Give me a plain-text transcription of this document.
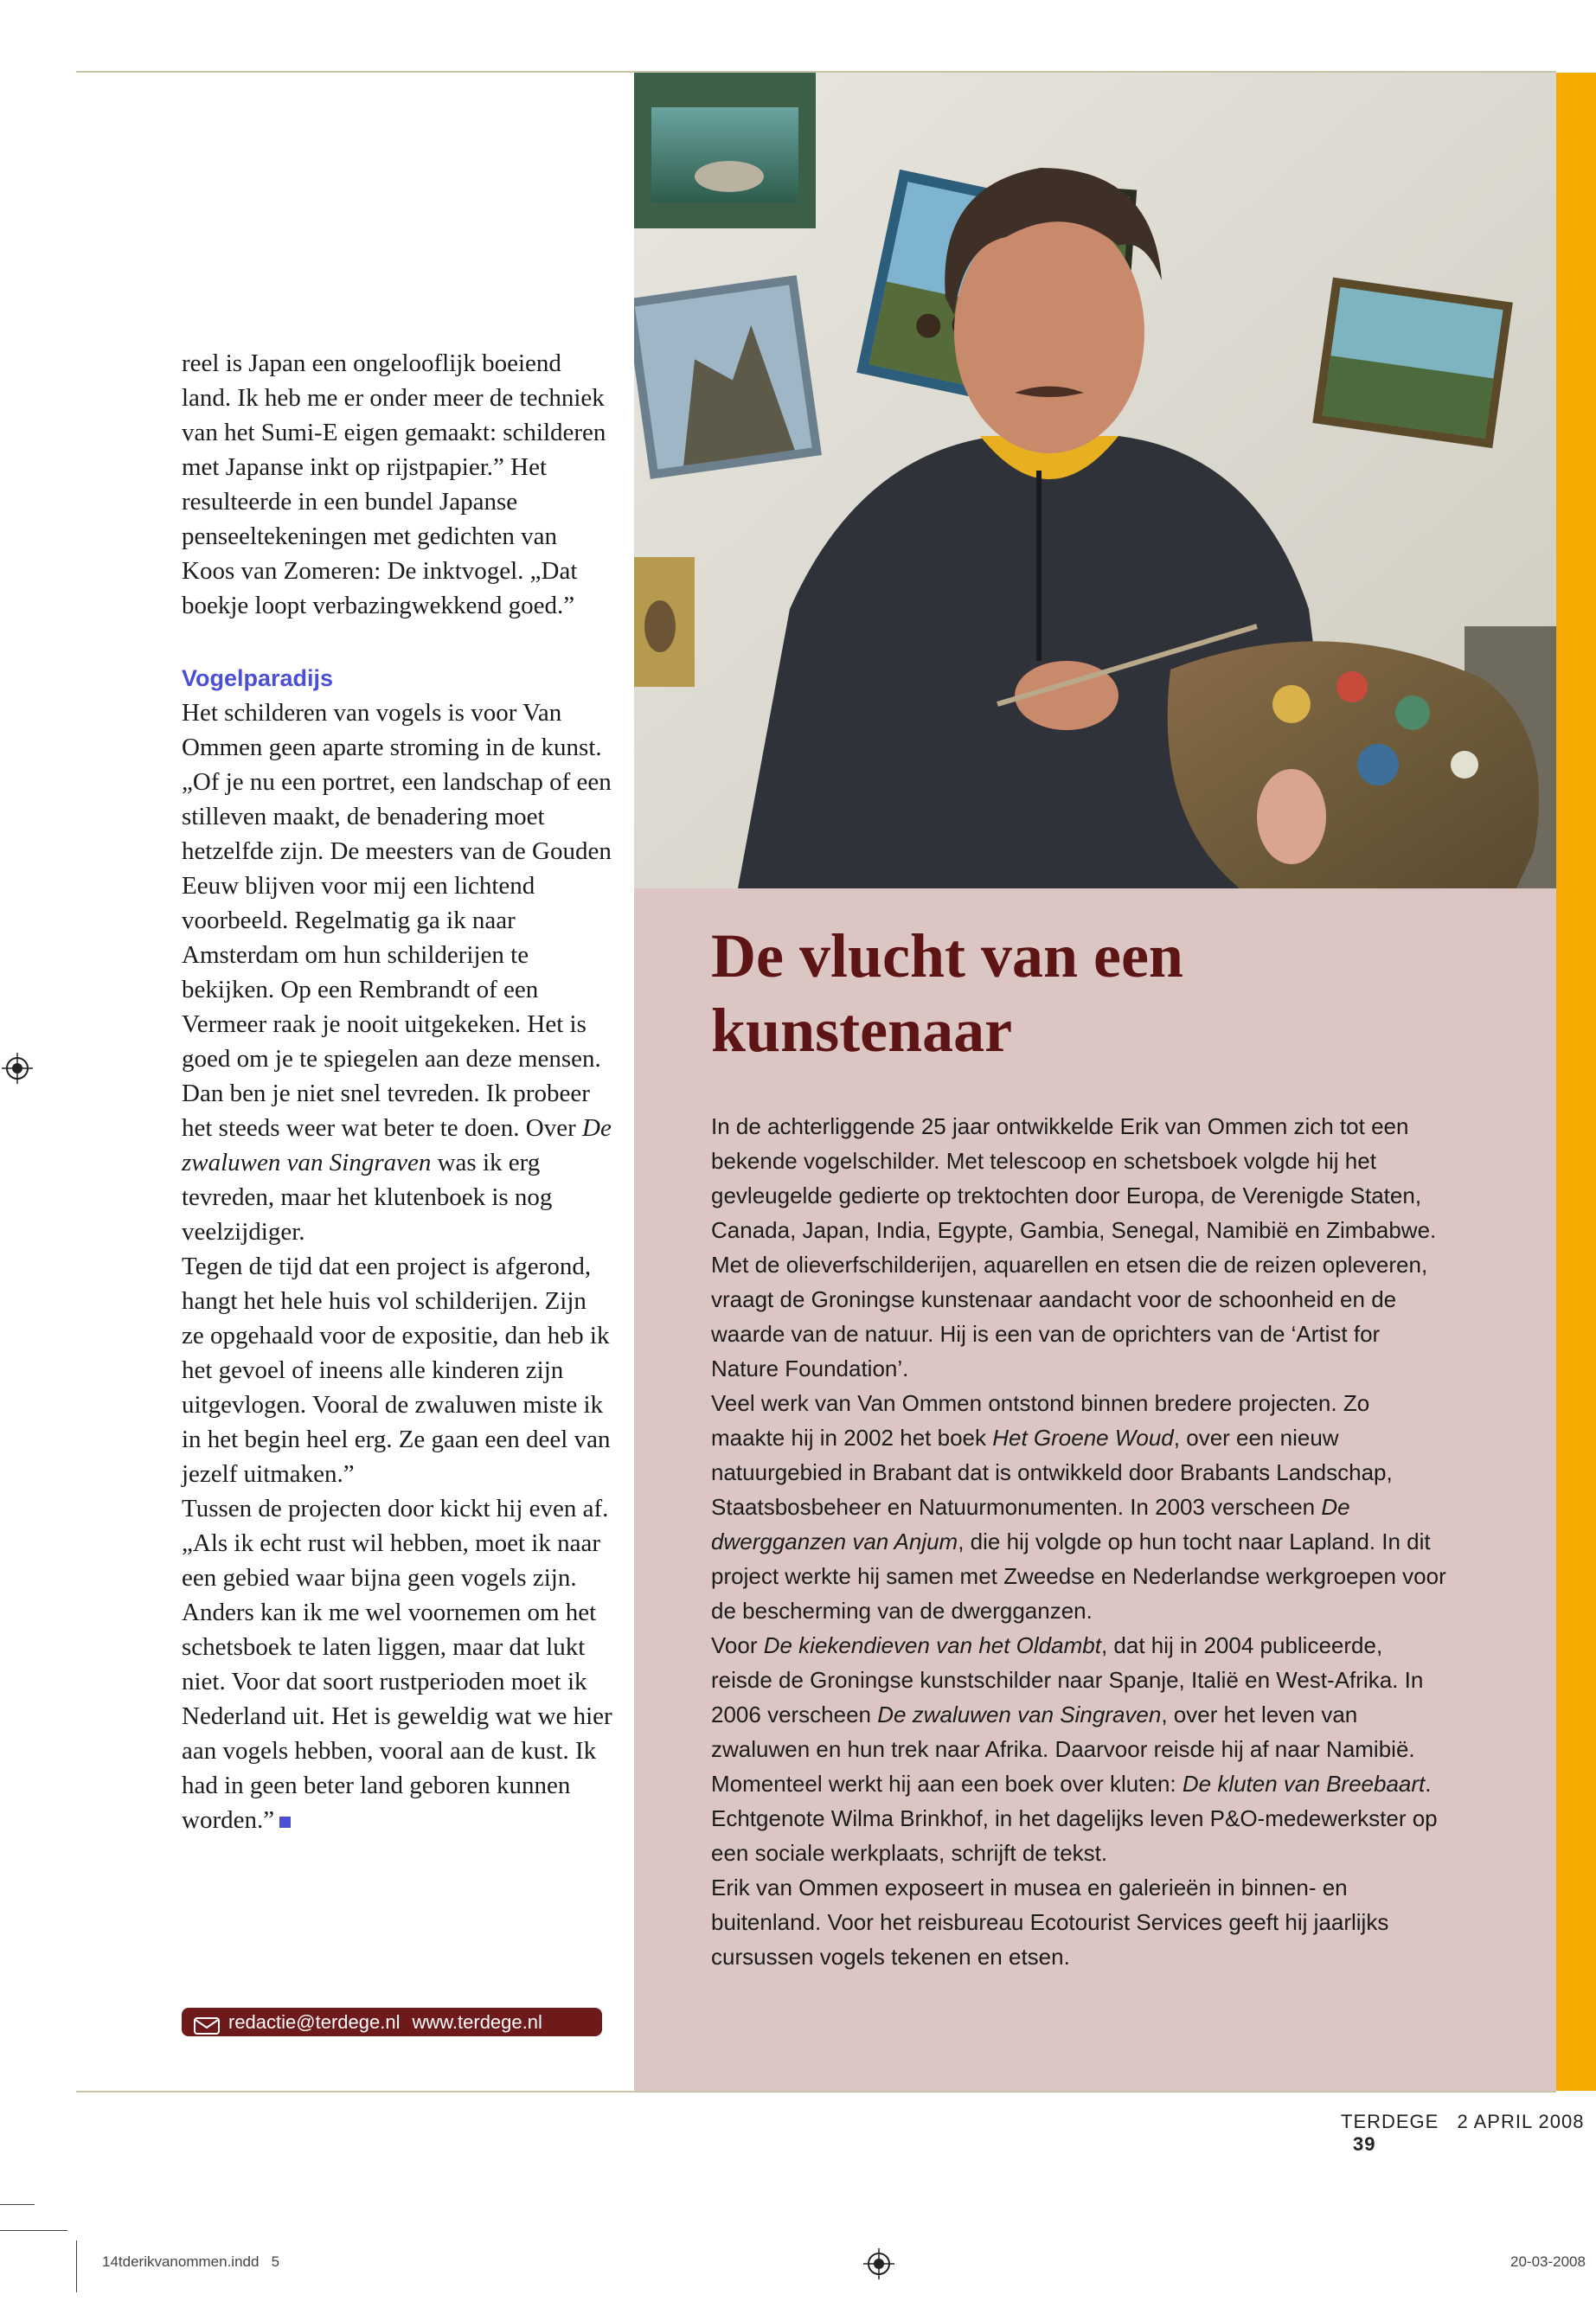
reel is Japan een ongelooflijk boeiend land. Ik heb me er onder meer de techniek van het Sumi-E eigen gemaakt: schilderen met Japanse inkt op rijstpapier.” Het resulteerde in een bundel Japanse penseeltekeningen met gedichten van Koos van Zomeren: De inktvogel. „Dat boekje loopt verbazingwekkend goed.”

Vogelparadijs

Het schilderen van vogels is voor Van Ommen geen aparte stroming in de kunst. „Of je nu een portret, een landschap of een stilleven maakt, de benadering moet hetzelfde zijn. De meesters van de Gouden Eeuw blijven voor mij een lichtend voorbeeld. Regelmatig ga ik naar Amsterdam om hun schilderijen te bekijken. Op een Rembrandt of een Vermeer raak je nooit uitgekeken. Het is goed om je te spiegelen aan deze mensen. Dan ben je niet snel tevreden. Ik probeer het steeds weer wat beter te doen. Over De zwaluwen van Singraven was ik erg tevreden, maar het klutenboek is nog veelzijdiger.

Tegen de tijd dat een project is afgerond, hangt het hele huis vol schilderijen. Zijn ze opgehaald voor de expositie, dan heb ik het gevoel of ineens alle kinderen zijn uitgevlogen. Vooral de zwaluwen miste ik in het begin heel erg. Ze gaan een deel van jezelf uitmaken.”

Tussen de projecten door kickt hij even af. „Als ik echt rust wil hebben, moet ik naar een gebied waar bijna geen vogels zijn. Anders kan ik me wel voornemen om het schetsboek te laten liggen, maar dat lukt niet. Voor dat soort rustperioden moet ik Nederland uit. Het is geweldig wat we hier aan vogels hebben, vooral aan de kust. Ik had in geen beter land geboren kunnen worden.”

redactie@terdege.nl www.terdege.nl
De vlucht van een kunstenaar

In de achterliggende 25 jaar ontwikkelde Erik van Ommen zich tot een bekende vogelschilder. Met telescoop en schetsboek volgde hij het gevleugelde gedierte op trektochten door Europa, de Verenigde Staten, Canada, Japan, India, Egypte, Gambia, Senegal, Namibië en Zimbabwe. Met de olieverfschilderijen, aquarellen en etsen die de reizen opleveren, vraagt de Groningse kunstenaar aandacht voor de schoonheid en de waarde van de natuur. Hij is een van de oprichters van de ‘Artist for Nature Foundation’.

Veel werk van Van Ommen ontstond binnen bredere projecten. Zo maakte hij in 2002 het boek Het Groene Woud, over een nieuw natuurgebied in Brabant dat is ontwikkeld door Brabants Landschap, Staatsbosbeheer en Natuurmonumenten. In 2003 verscheen De dwergganzen van Anjum, die hij volgde op hun tocht naar Lapland. In dit project werkte hij samen met Zweedse en Nederlandse werkgroepen voor de bescherming van de dwergganzen.

Voor De kiekendieven van het Oldambt, dat hij in 2004 publiceerde, reisde de Groningse kunstschilder naar Spanje, Italië en West-Afrika. In 2006 verscheen De zwaluwen van Singraven, over het leven van zwaluwen en hun trek naar Afrika. Daarvoor reisde hij af naar Namibië. Momenteel werkt hij aan een boek over kluten: De kluten van Breebaart. Echtgenote Wilma Brinkhof, in het dagelijks leven P&O-medewerkster op een sociale werkplaats, schrijft de tekst.

Erik van Ommen exposeert in musea en galerieën in binnen- en buitenland. Voor het reisbureau Ecotourist Services geeft hij jaarlijks cursussen vogels tekenen en etsen.

TERDEGE 2 APRIL 2008 39
14tderikvanommen.indd   5	20-03-2008
